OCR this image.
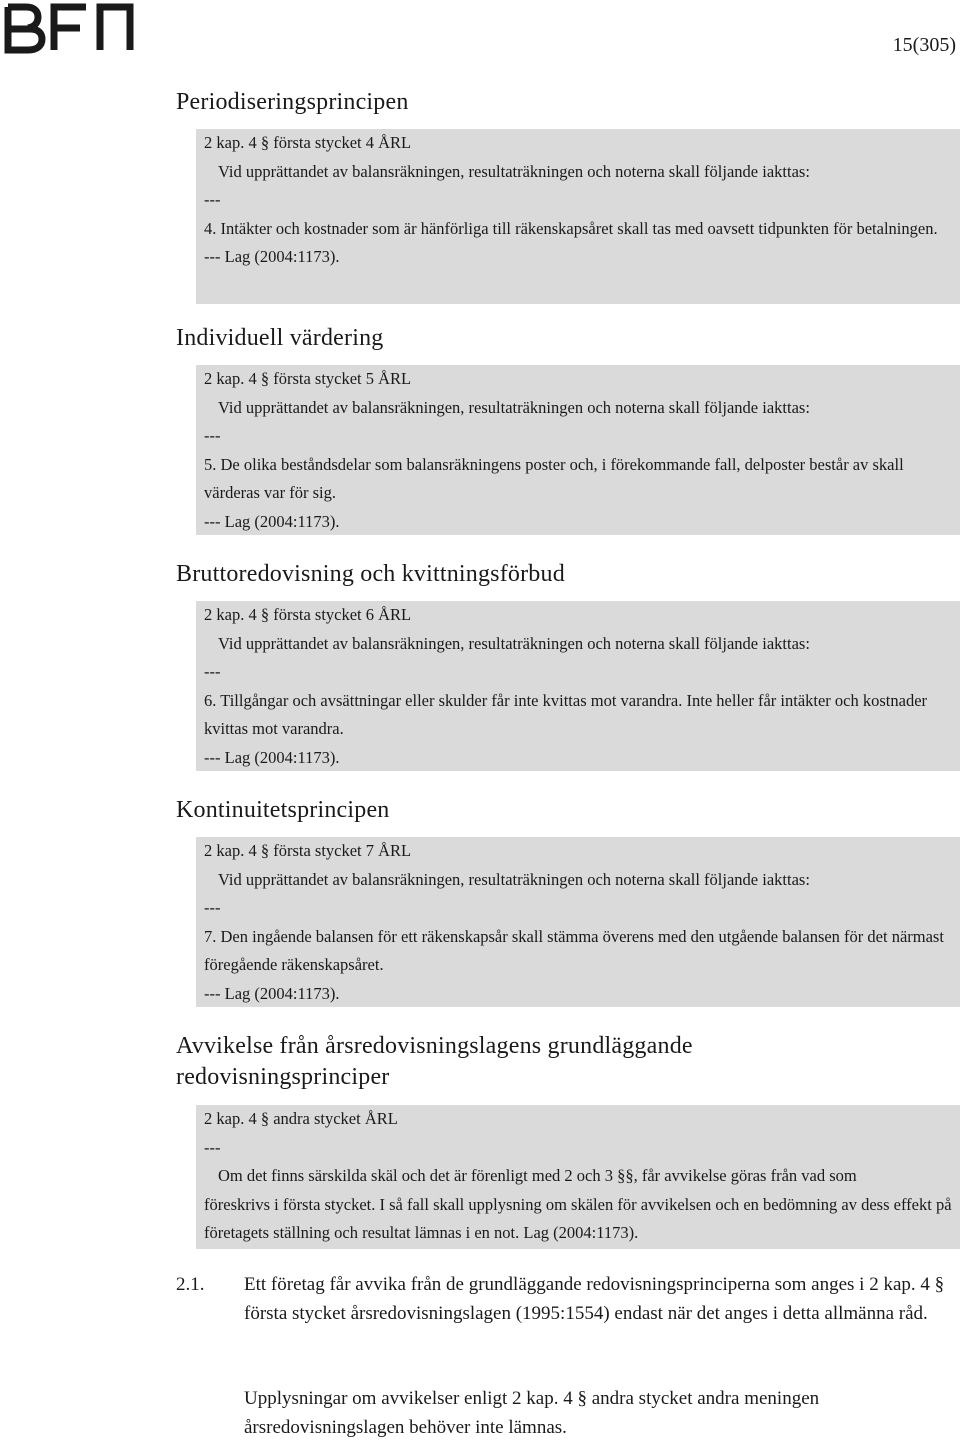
15(305)
Periodiseringsprincipen
2 kap. 4 § första stycket 4 ÅRL
Vid upprättandet av balansräkningen, resultaträkningen och noterna skall följande iakttas:
---
4. Intäkter och kostnader som är hänförliga till räkenskapsåret skall tas med oavsett tidpunkten för betalningen.
--- Lag (2004:1173).
Individuell värdering
2 kap. 4 § första stycket 5 ÅRL
Vid upprättandet av balansräkningen, resultaträkningen och noterna skall följande iakttas:
---
5. De olika beståndsdelar som balansräkningens poster och, i förekommande fall, delposter består av skall värderas var för sig.
--- Lag (2004:1173).
Bruttoredovisning och kvittningsförbud
2 kap. 4 § första stycket 6 ÅRL
Vid upprättandet av balansräkningen, resultaträkningen och noterna skall följande iakttas:
---
6. Tillgångar och avsättningar eller skulder får inte kvittas mot varandra. Inte heller får intäkter och kostnader kvittas mot varandra.
--- Lag (2004:1173).
Kontinuitetsprincipen
2 kap. 4 § första stycket 7 ÅRL
Vid upprättandet av balansräkningen, resultaträkningen och noterna skall följande iakttas:
---
7. Den ingående balansen för ett räkenskapsår skall stämma överens med den utgående balansen för det närmast föregående räkenskapsåret.
--- Lag (2004:1173).
Avvikelse från årsredovisningslagens grundläggande
redovisningsprinciper
2 kap. 4 § andra stycket ÅRL
---
Om det finns särskilda skäl och det är förenligt med 2 och 3 §§, får avvikelse göras från vad som
föreskrivs i första stycket. I så fall skall upplysning om skälen för avvikelsen och en bedömning av dess effekt på företagets ställning och resultat lämnas i en not. Lag (2004:1173).
2.1. Ett företag får avvika från de grundläggande redovisningsprinciperna som anges i 2 kap. 4 § första stycket årsredovisningslagen (1995:1554) endast när det anges i detta allmänna råd.
Upplysningar om avvikelser enligt 2 kap. 4 § andra stycket andra meningen årsredovisningslagen behöver inte lämnas.
